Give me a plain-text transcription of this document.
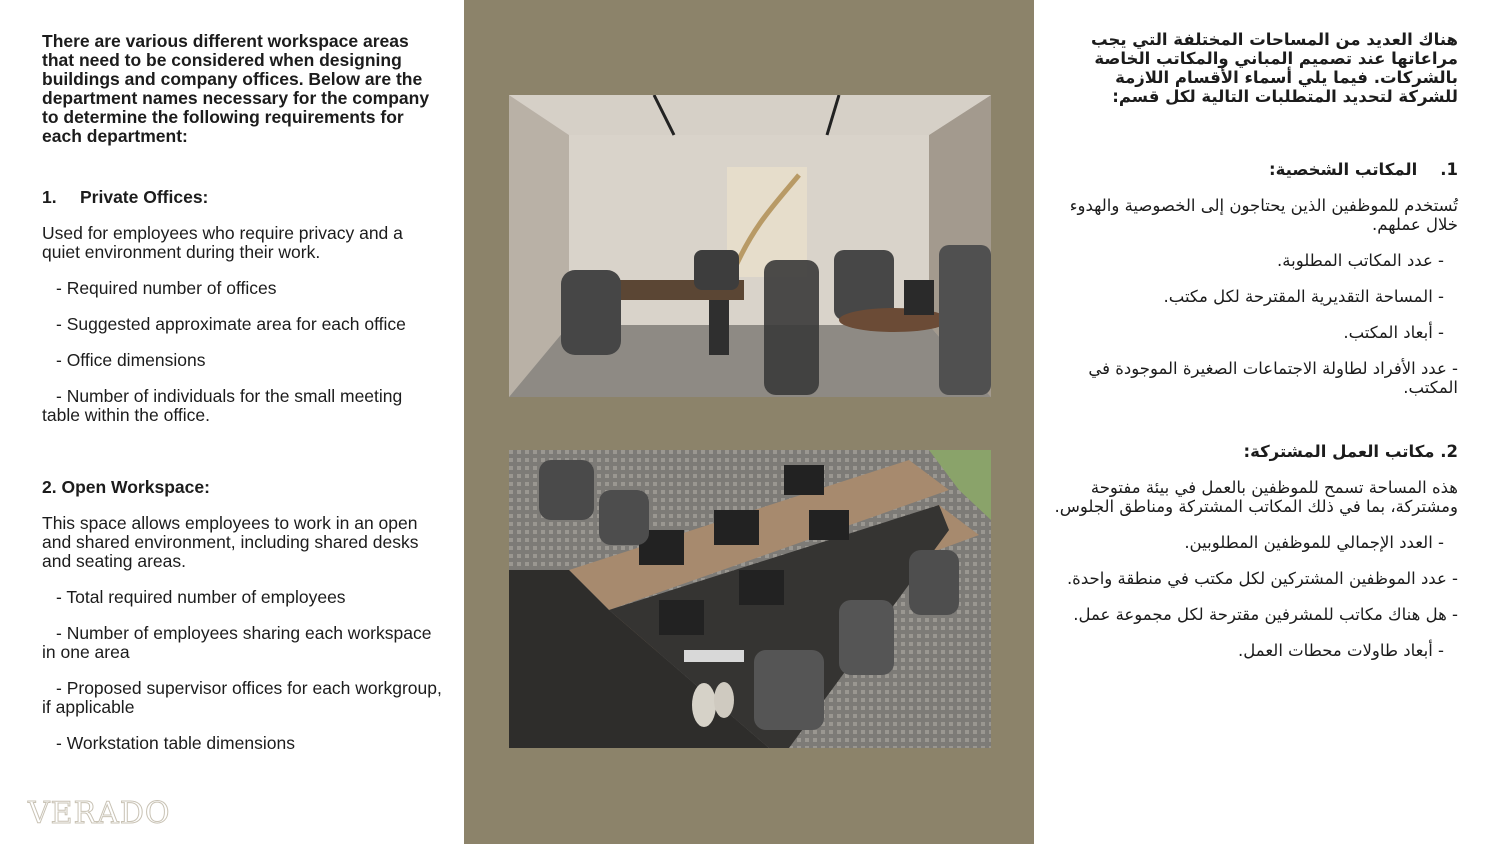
There are various different workspace areas that need to be considered when designing buildings and company offices. Below are the department names necessary for the company to determine the following requirements for each department:

1. Private Offices:

Used for employees who require privacy and a quiet environment during their work.

- Required number of offices

- Suggested approximate area for each office

- Office dimensions

- Number of individuals for the small meeting table within the office.

2. Open Workspace:

This space allows employees to work in an open and shared environment, including shared desks and seating areas.

- Total required number of employees

- Number of employees sharing each workspace in one area

- Proposed supervisor offices for each workgroup, if applicable

- Workstation table dimensions

VERADO

هناك العديد من المساحات المختلفة التي يجب مراعاتها عند تصميم المباني والمكاتب الخاصة بالشركات. فيما يلي أسماء الأقسام اللازمة للشركة لتحديد المتطلبات التالية لكل قسم:

1.    المكاتب الشخصية:

تُستخدم للموظفين الذين يحتاجون إلى الخصوصية والهدوء خلال عملهم.

- عدد المكاتب المطلوبة.

- المساحة التقديرية المقترحة لكل مكتب.

- أبعاد المكتب.

- عدد الأفراد لطاولة الاجتماعات الصغيرة الموجودة في المكتب.

2. مكاتب العمل المشتركة:

هذه المساحة تسمح للموظفين بالعمل في بيئة مفتوحة ومشتركة، بما في ذلك المكاتب المشتركة ومناطق الجلوس.

- العدد الإجمالي للموظفين المطلوبين.

- عدد الموظفين المشتركين لكل مكتب في منطقة واحدة.

- هل هناك مكاتب للمشرفين مقترحة لكل مجموعة عمل.

- أبعاد طاولات محطات العمل.
